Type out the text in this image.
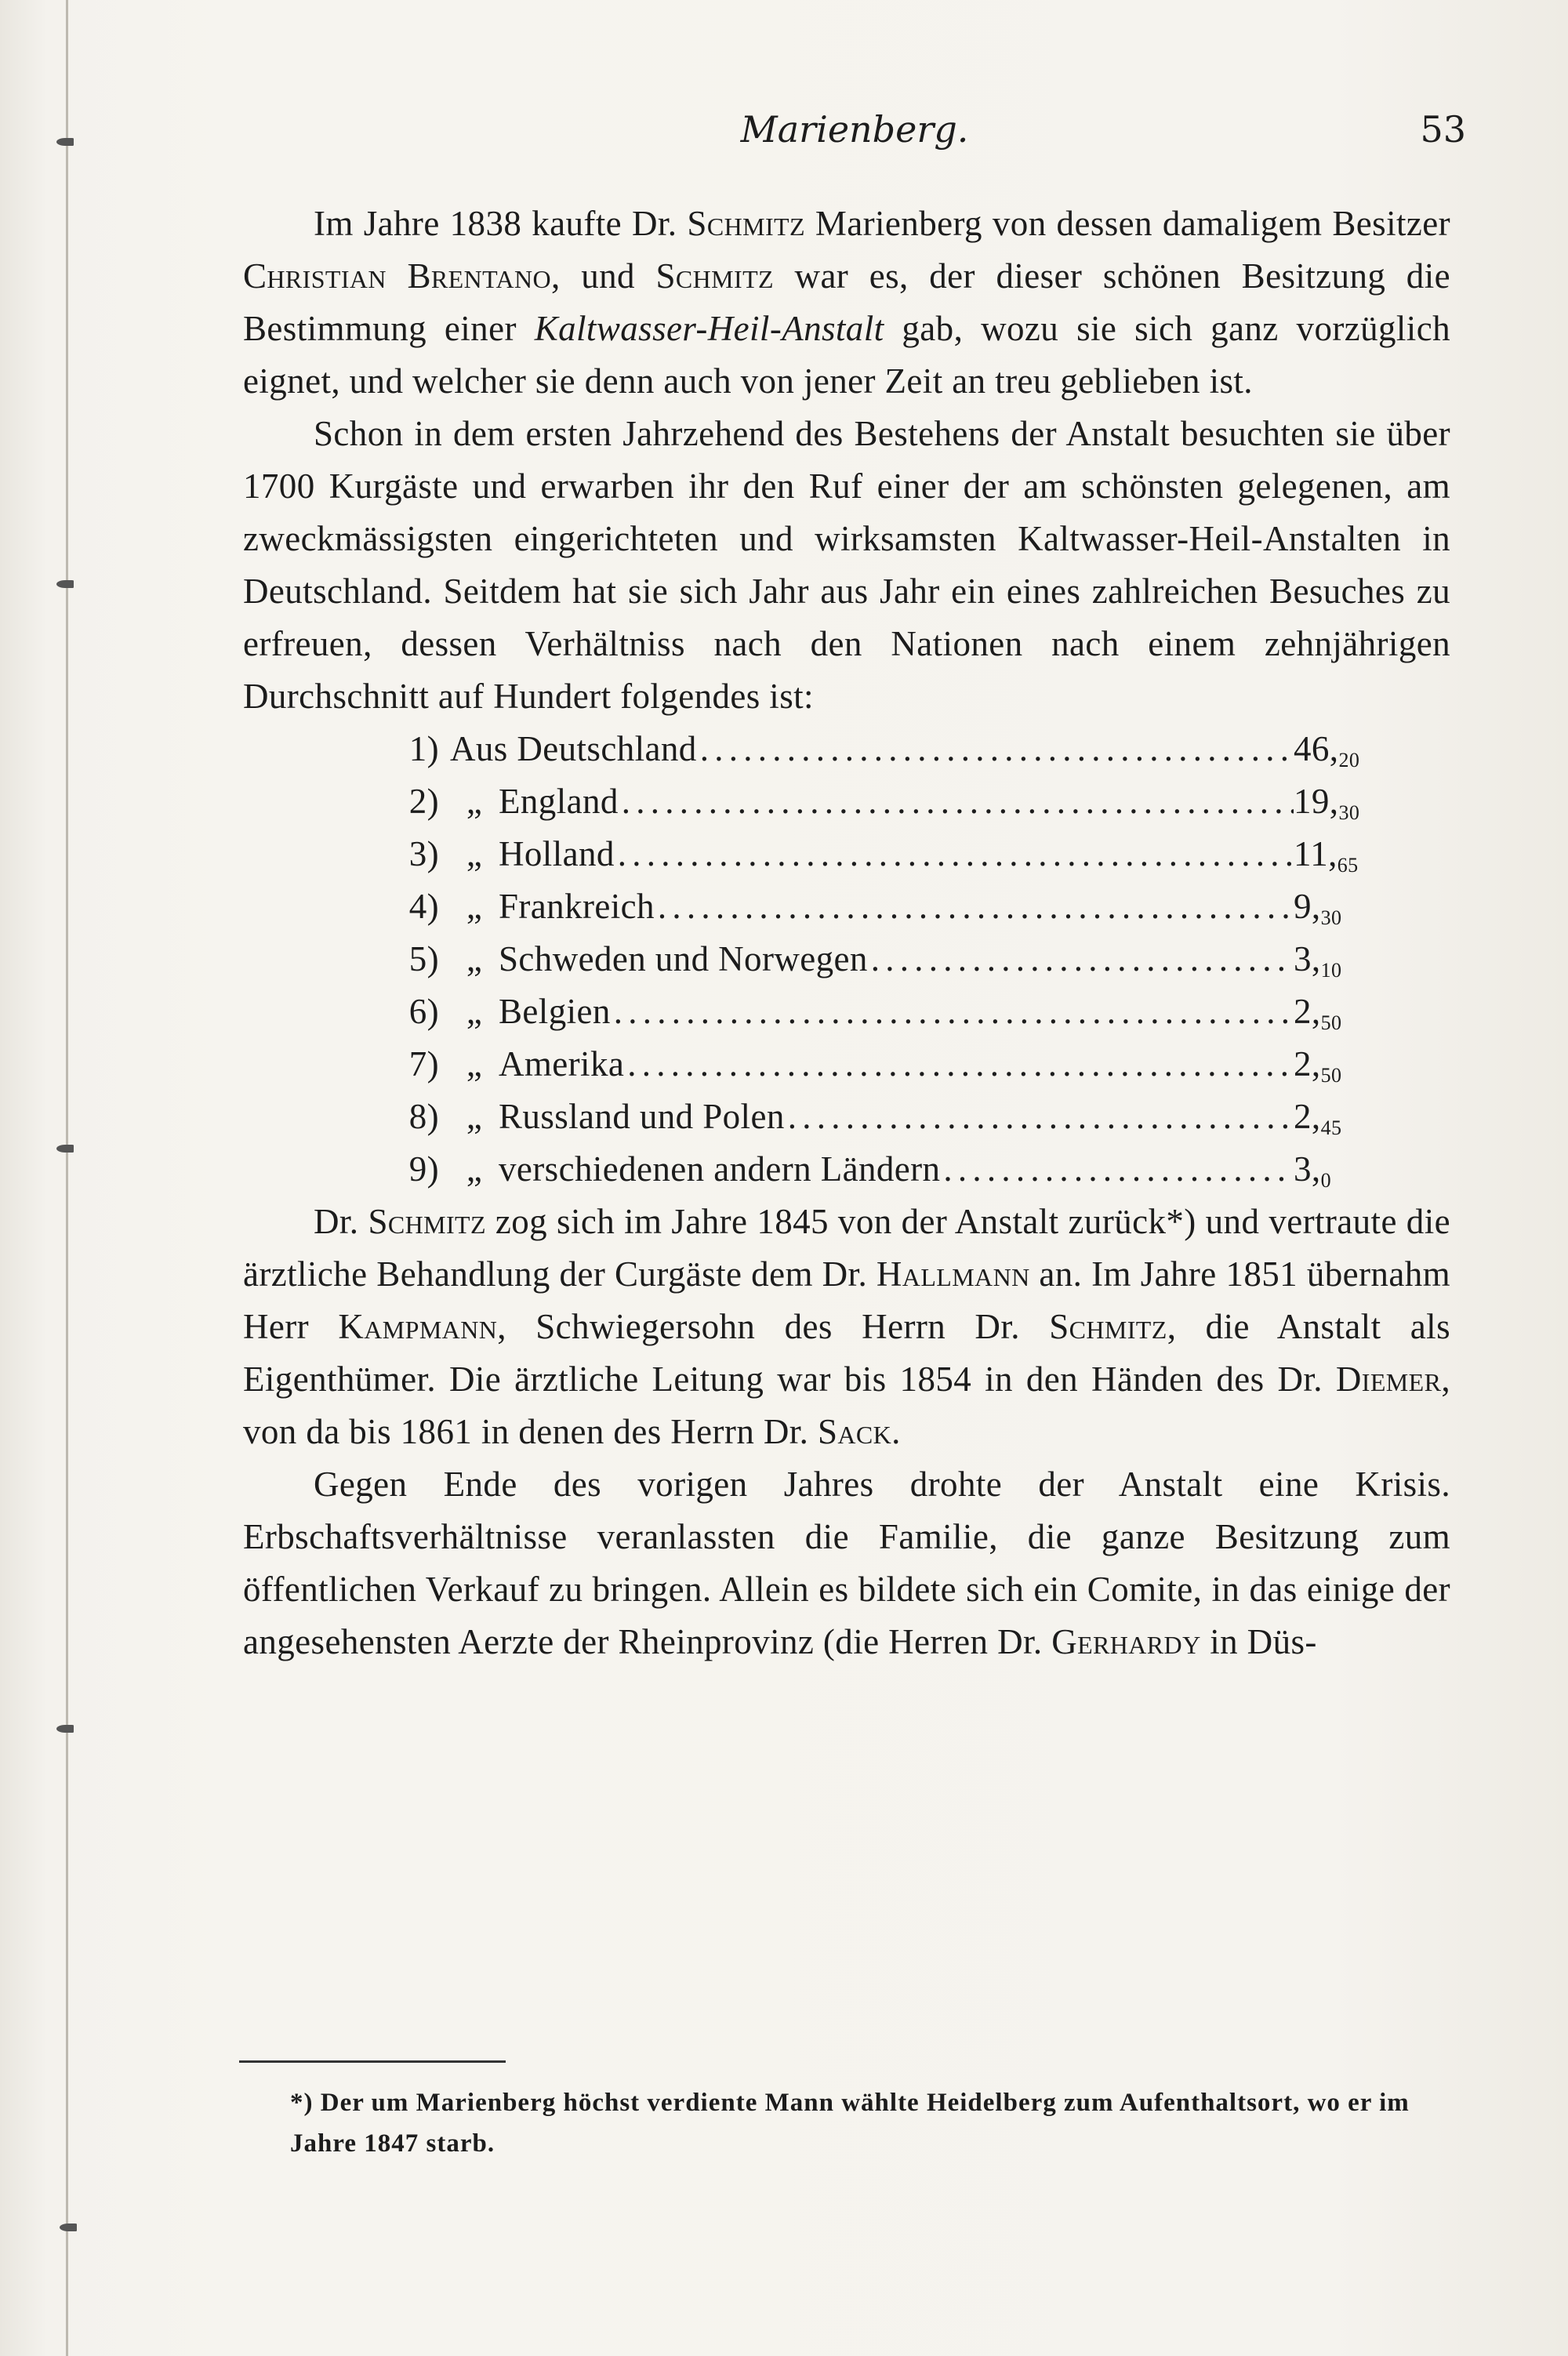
Marienberg.	53

Im Jahre 1838 kaufte Dr. Schmitz Marienberg von dessen damaligem Besitzer Christian Brentano, und Schmitz war es, der dieser schönen Besitzung die Bestimmung einer Kaltwasser-Heil-Anstalt gab, wozu sie sich ganz vorzüglich eignet, und welcher sie denn auch von jener Zeit an treu geblieben ist.

Schon in dem ersten Jahrzehend des Bestehens der Anstalt besuchten sie über 1700 Kurgäste und erwarben ihr den Ruf einer der am schönsten gelegenen, am zweckmässigsten eingerichteten und wirksamsten Kaltwasser-Heil-Anstalten in Deutschland. Seitdem hat sie sich Jahr aus Jahr ein eines zahlreichen Besuches zu erfreuen, dessen Verhältniss nach den Nationen nach einem zehnjährigen Durchschnitt auf Hundert folgendes ist:

1) Aus Deutschland . . .	46,20
2) „ England . . .	19,30
3) „ Holland . . .	11,65
4) „ Frankreich . . .	9,30
5) „ Schweden und Norwegen . . .	3,10
6) „ Belgien . . .	2,50
7) „ Amerika . . .	2,50
8) „ Russland und Polen . . .	2,45
9) „ verschiedenen andern Ländern . . .	3,0

Dr. Schmitz zog sich im Jahre 1845 von der Anstalt zurück*) und vertraute die ärztliche Behandlung der Curgäste dem Dr. Hallmann an. Im Jahre 1851 übernahm Herr Kampmann, Schwiegersohn des Herrn Dr. Schmitz, die Anstalt als Eigenthümer. Die ärztliche Leitung war bis 1854 in den Händen des Dr. Diemer, von da bis 1861 in denen des Herrn Dr. Sack.

Gegen Ende des vorigen Jahres drohte der Anstalt eine Krisis. Erbschaftsverhältnisse veranlassten die Familie, die ganze Besitzung zum öffentlichen Verkauf zu bringen. Allein es bildete sich ein Comite, in das einige der angesehensten Aerzte der Rheinprovinz (die Herren Dr. Gerhardy in Düs-

*) Der um Marienberg höchst verdiente Mann wählte Heidelberg zum Aufenthaltsort, wo er im Jahre 1847 starb.
